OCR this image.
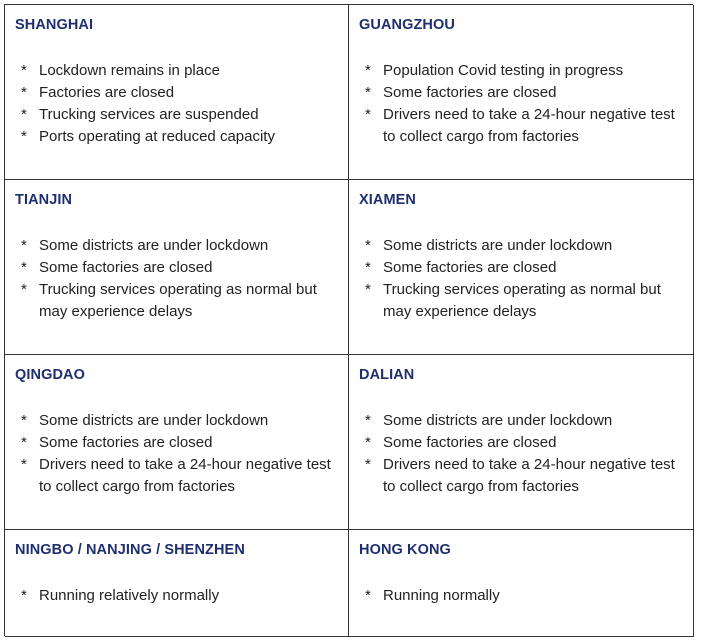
SHANGHAI
* Lockdown remains in place
* Factories are closed
* Trucking services are suspended
* Ports operating at reduced capacity
GUANGZHOU
* Population Covid testing in progress
* Some factories are closed
* Drivers need to take a 24-hour negative test to collect cargo from factories
TIANJIN
* Some districts are under lockdown
* Some factories are closed
* Trucking services operating as normal but may experience delays
XIAMEN
* Some districts are under lockdown
* Some factories are closed
* Trucking services operating as normal but may experience delays
QINGDAO
* Some districts are under lockdown
* Some factories are closed
* Drivers need to take a 24-hour negative test to collect cargo from factories
DALIAN
* Some districts are under lockdown
* Some factories are closed
* Drivers need to take a 24-hour negative test to collect cargo from factories
NINGBO / NANJING / SHENZHEN
* Running relatively normally
HONG KONG
* Running normally
